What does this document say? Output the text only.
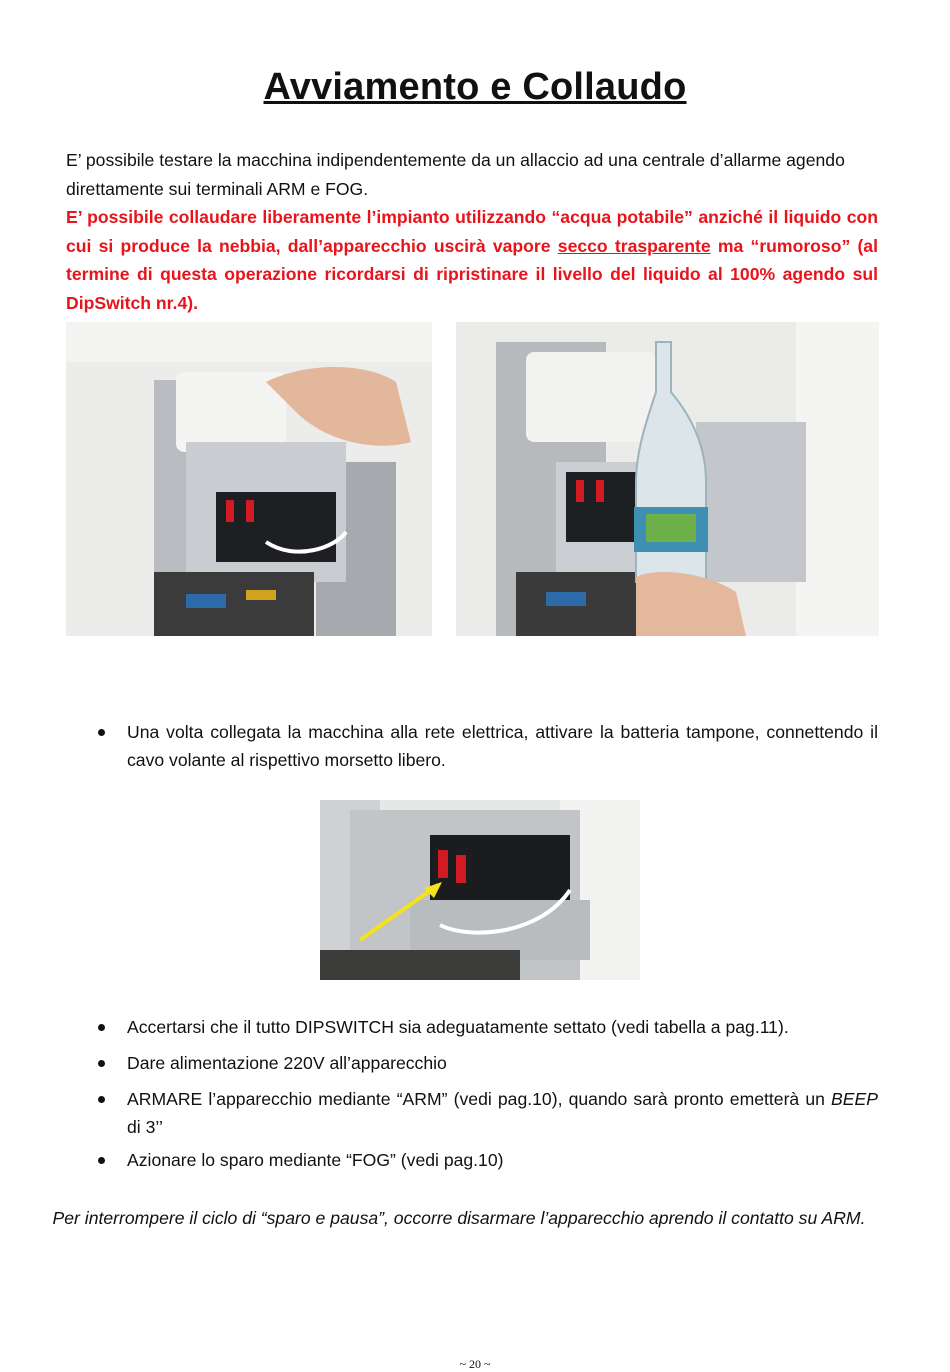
Avviamento e Collaudo
E’ possibile testare la macchina indipendentemente da un allaccio ad una centrale d’allarme agendo direttamente sui terminali ARM e FOG.
E’ possibile collaudare liberamente l’impianto utilizzando “acqua potabile” anziché il liquido con cui si produce la nebbia, dall’apparecchio uscirà vapore secco trasparente ma “rumoroso” (al termine di questa operazione ricordarsi di ripristinare il livello del liquido al 100% agendo sul DipSwitch nr.4).
Una volta collegata la macchina alla rete elettrica, attivare la batteria tampone, connettendo il cavo volante al rispettivo morsetto libero.
Accertarsi che il tutto DIPSWITCH sia adeguatamente settato (vedi tabella a pag.11).
Dare alimentazione 220V all’apparecchio
ARMARE l’apparecchio mediante “ARM” (vedi pag.10), quando sarà pronto emetterà un BEEP di 3’’
Azionare lo sparo mediante “FOG” (vedi pag.10)
Per interrompere il ciclo di “sparo e pausa”, occorre disarmare l’apparecchio aprendo il contatto su ARM.
~ 20 ~
